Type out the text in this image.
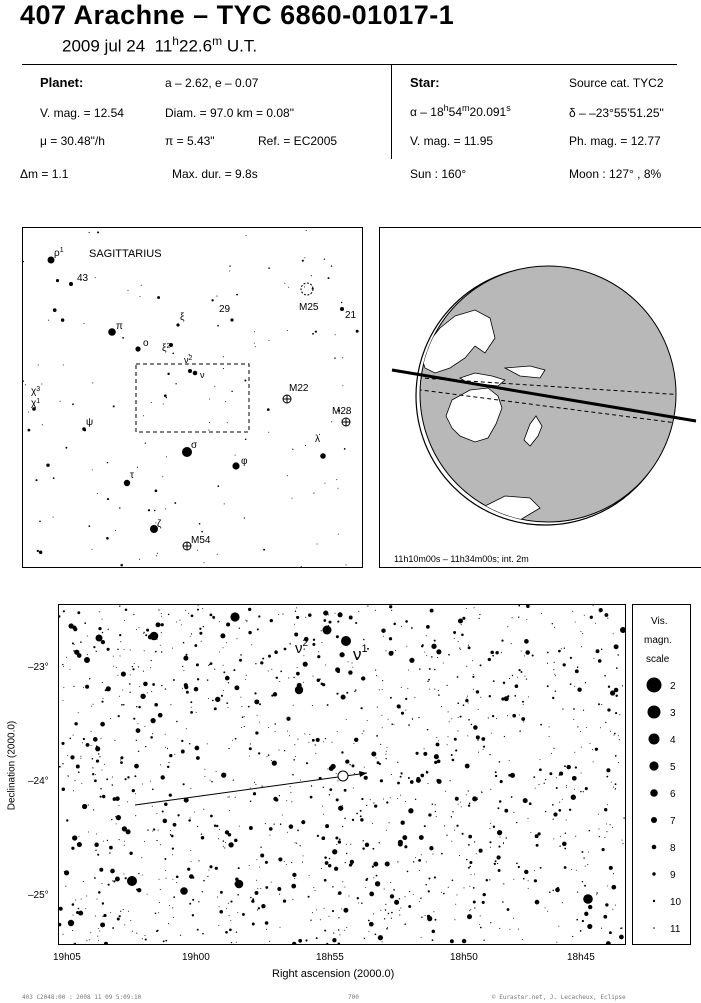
407 Arachne – TYC 6860-01017-1
2009 jul 24 11$^h$22.6$^m$ U.T.
Planet:	a – 2.62, e – 0.07
V. mag. = 12.54	Diam. = 97.0 km = 0.08"
μ = 30.48"/h	π = 5.43"	Ref. = EC2005
Δm = 1.1	Max. dur. = 9.8s
Star:	Source cat. TYC2
α – 18$^h$54$^m$20.091$^s$	δ – –23°55'51.25"
V. mag. = 11.95	Ph. mag. = 12.77
Sun : 160°	Moon : 127° , 8%
SAGITTARIUS
$\rho^1$
43
29	M25
21
ξ
$\xi^2$
π
ο
$\nu^2$
ν
M22
M28
$\chi^3$
$\chi^1$
ψ
λ
σ
φ
τ
ζ
M54
11h10m00s – 11h34m00s; int. 2m
Declination (2000.0)
$\nu^2$
$\nu^1$
–23°
–24°
–25°
19h05	19h00	18h55	18h50	18h45
Right ascension (2000.0)
Vis.
magn.
scale
2
3
4
5
6
7
8
9
10
11
403 C2048:00 : 2008 11 09 5:09:10	700	© Euraster.net, J. Lecacheux, Eclipse
